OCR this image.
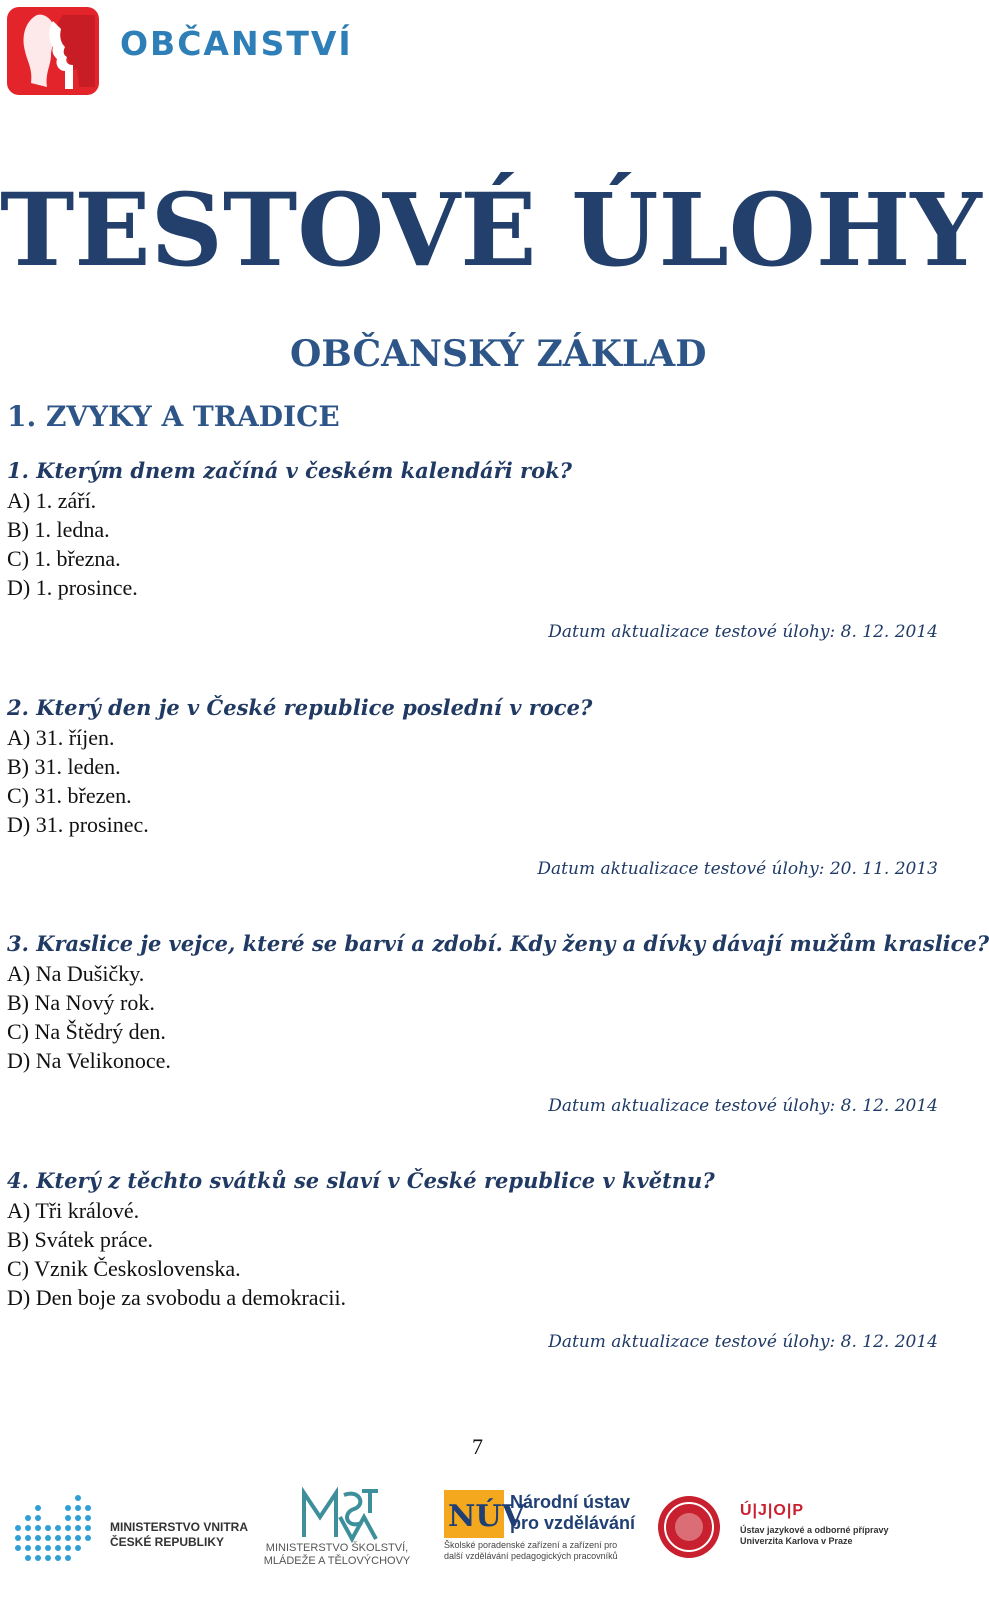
OBČANSTVÍ
TESTOVÉ ÚLOHY
OBČANSKÝ ZÁKLAD
1. ZVYKY A TRADICE
1. Kterým dnem začíná v českém kalendáři rok?
A) 1. září.
B) 1. ledna.
C) 1. března.
D) 1. prosince.
Datum aktualizace testové úlohy: 8. 12. 2014
2. Který den je v České republice poslední v roce?
A) 31. říjen.
B) 31. leden.
C) 31. březen.
D) 31. prosinec.
Datum aktualizace testové úlohy: 20. 11. 2013
3. Kraslice je vejce, které se barví a zdobí. Kdy ženy a dívky dávají mužům kraslice?
A) Na Dušičky.
B) Na Nový rok.
C) Na Štědrý den.
D) Na Velikonoce.
Datum aktualizace testové úlohy: 8. 12. 2014
4. Který z těchto svátků se slaví v České republice v květnu?
A) Tři králové.
B) Svátek práce.
C) Vznik Československa.
D) Den boje za svobodu a demokracii.
Datum aktualizace testové úlohy: 8. 12. 2014
7
MINISTERSTVO VNITRA
ČESKÉ REPUBLIKY	MINISTERSTVO ŠKOLSTVÍ,
MLÁDEŽE A TĚLOVÝCHOVY
NÚV
Národní ústav
pro vzdělávání
Školské poradenské zařízení a zařízení pro
další vzdělávání pedagogických pracovníků
Ú|J|O|P
Ústav jazykové a odborné přípravy
Univerzita Karlova v Praze
